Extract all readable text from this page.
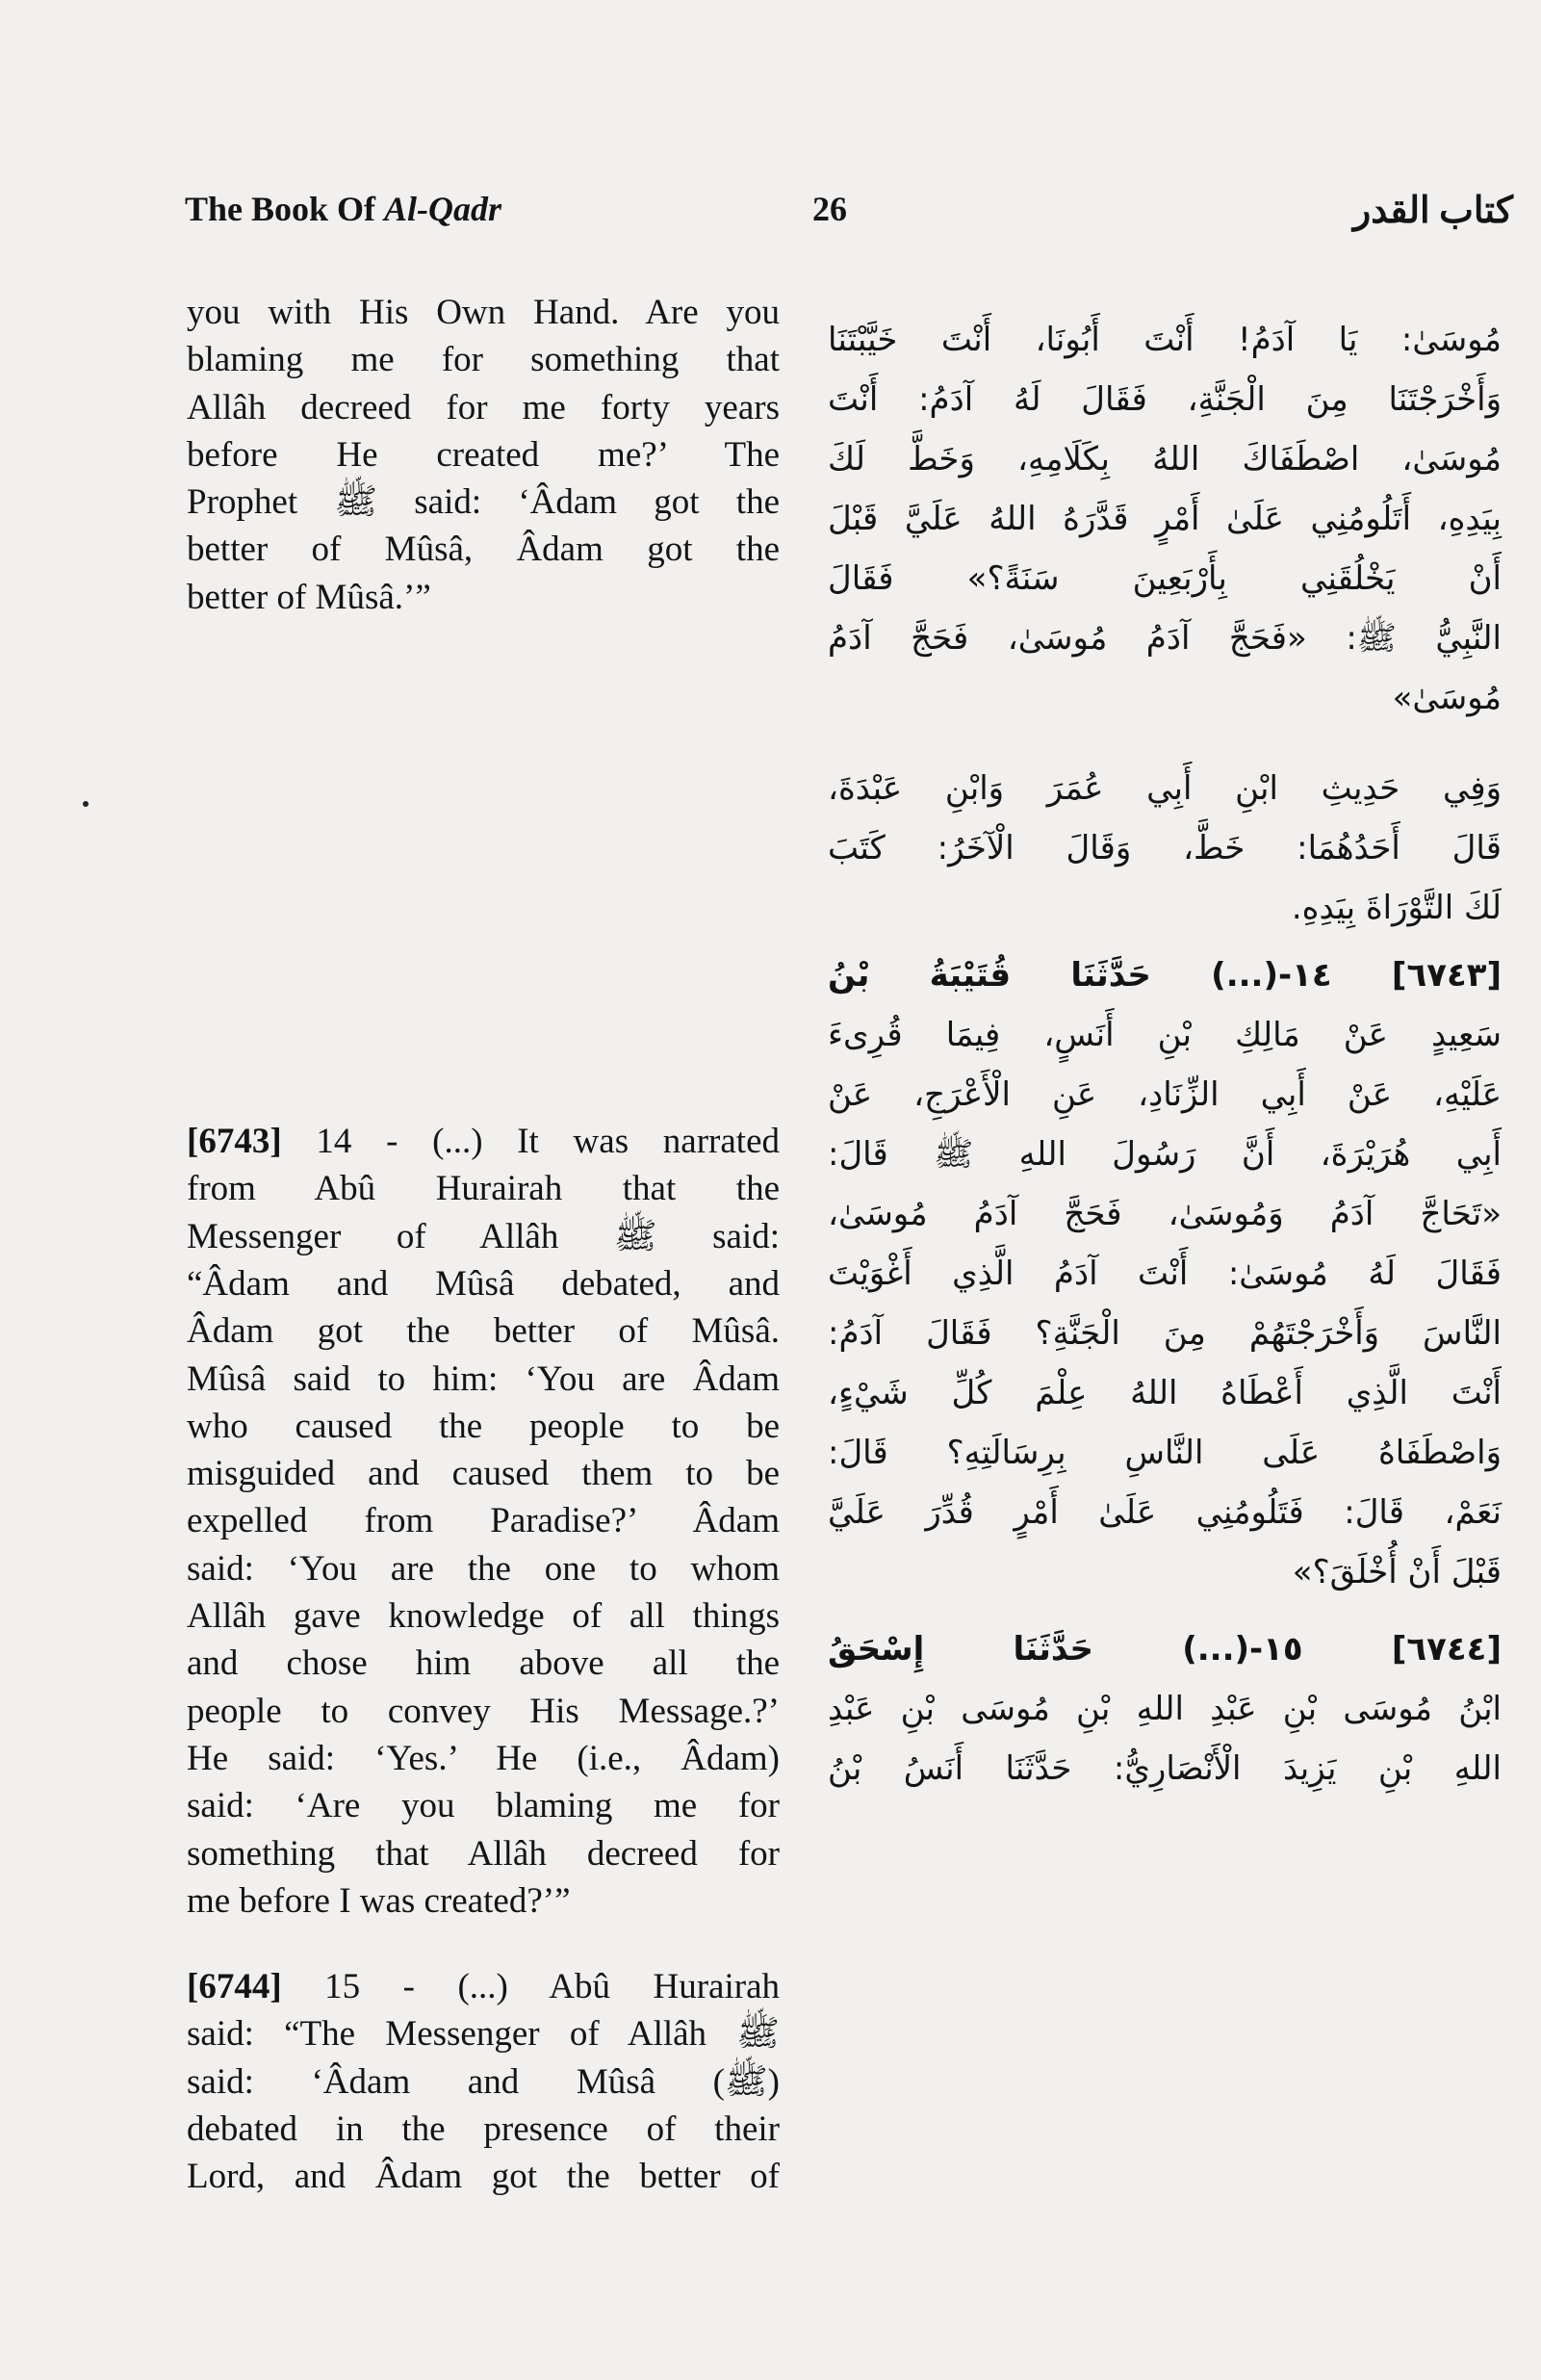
The Book Of Al-Qadr	26	كتاب القدر
you with His Own Hand. Are you
blaming me for something that
Allâh decreed for me forty years
before He created me?’ The
Prophet ﷺ said: ‘Âdam got the
better of Mûsâ, Âdam got the
better of Mûsâ.’”
[6743] 14 - (...) It was narrated
from Abû Hurairah that the
Messenger of Allâh ﷺ said:
“Âdam and Mûsâ debated, and
Âdam got the better of Mûsâ.
Mûsâ said to him: ‘You are Âdam
who caused the people to be
misguided and caused them to be
expelled from Paradise?’ Âdam
said: ‘You are the one to whom
Allâh gave knowledge of all things
and chose him above all the
people to convey His Message.?’
He said: ‘Yes.’ He (i.e., Âdam)
said: ‘Are you blaming me for
something that Allâh decreed for
me before I was created?’”
[6744] 15 - (...) Abû Hurairah
said: “The Messenger of Allâh ﷺ
said: ‘Âdam and Mûsâ (ﷺ)
debated in the presence of their
Lord, and Âdam got the better of
مُوسَىٰ: يَا آدَمُ! أَنْتَ أَبُونَا، أَنْتَ خَيَّبْتَنَا
وَأَخْرَجْتَنَا مِنَ الْجَنَّةِ، فَقَالَ لَهُ آدَمُ: أَنْتَ
مُوسَىٰ، اصْطَفَاكَ اللهُ بِكَلَامِهِ، وَخَطَّ لَكَ
بِيَدِهِ، أَتَلُومُنِي عَلَىٰ أَمْرٍ قَدَّرَهُ اللهُ عَلَيَّ قَبْلَ
أَنْ يَخْلُقَنِي بِأَرْبَعِينَ سَنَةً؟» فَقَالَ
النَّبِيُّ ﷺ: «فَحَجَّ آدَمُ مُوسَىٰ، فَحَجَّ آدَمُ
مُوسَىٰ»
وَفِي حَدِيثِ ابْنِ أَبِي عُمَرَ وَابْنِ عَبْدَةَ،
قَالَ أَحَدُهُمَا: خَطَّ، وَقَالَ الْآخَرُ: كَتَبَ
لَكَ التَّوْرَاةَ بِيَدِهِ.
[٦٧٤٣] ١٤-(...) حَدَّثَنَا قُتَيْبَةُ بْنُ
سَعِيدٍ عَنْ مَالِكِ بْنِ أَنَسٍ، فِيمَا قُرِىءَ
عَلَيْهِ، عَنْ أَبِي الزِّنَادِ، عَنِ الْأَعْرَجِ، عَنْ
أَبِي هُرَيْرَةَ، أَنَّ رَسُولَ اللهِ ﷺ قَالَ:
«تَحَاجَّ آدَمُ وَمُوسَىٰ، فَحَجَّ آدَمُ مُوسَىٰ،
فَقَالَ لَهُ مُوسَىٰ: أَنْتَ آدَمُ الَّذِي أَغْوَيْتَ
النَّاسَ وَأَخْرَجْتَهُمْ مِنَ الْجَنَّةِ؟ فَقَالَ آدَمُ:
أَنْتَ الَّذِي أَعْطَاهُ اللهُ عِلْمَ كُلِّ شَيْءٍ،
وَاصْطَفَاهُ عَلَى النَّاسِ بِرِسَالَتِهِ؟ قَالَ:
نَعَمْ، قَالَ: فَتَلُومُنِي عَلَىٰ أَمْرٍ قُدِّرَ عَلَيَّ
قَبْلَ أَنْ أُخْلَقَ؟»
[٦٧٤٤] ١٥-(...) حَدَّثَنَا إِسْحَقُ
ابْنُ مُوسَى بْنِ عَبْدِ اللهِ بْنِ مُوسَى بْنِ عَبْدِ
اللهِ بْنِ يَزِيدَ الْأَنْصَارِيُّ: حَدَّثَنَا أَنَسُ بْنُ
